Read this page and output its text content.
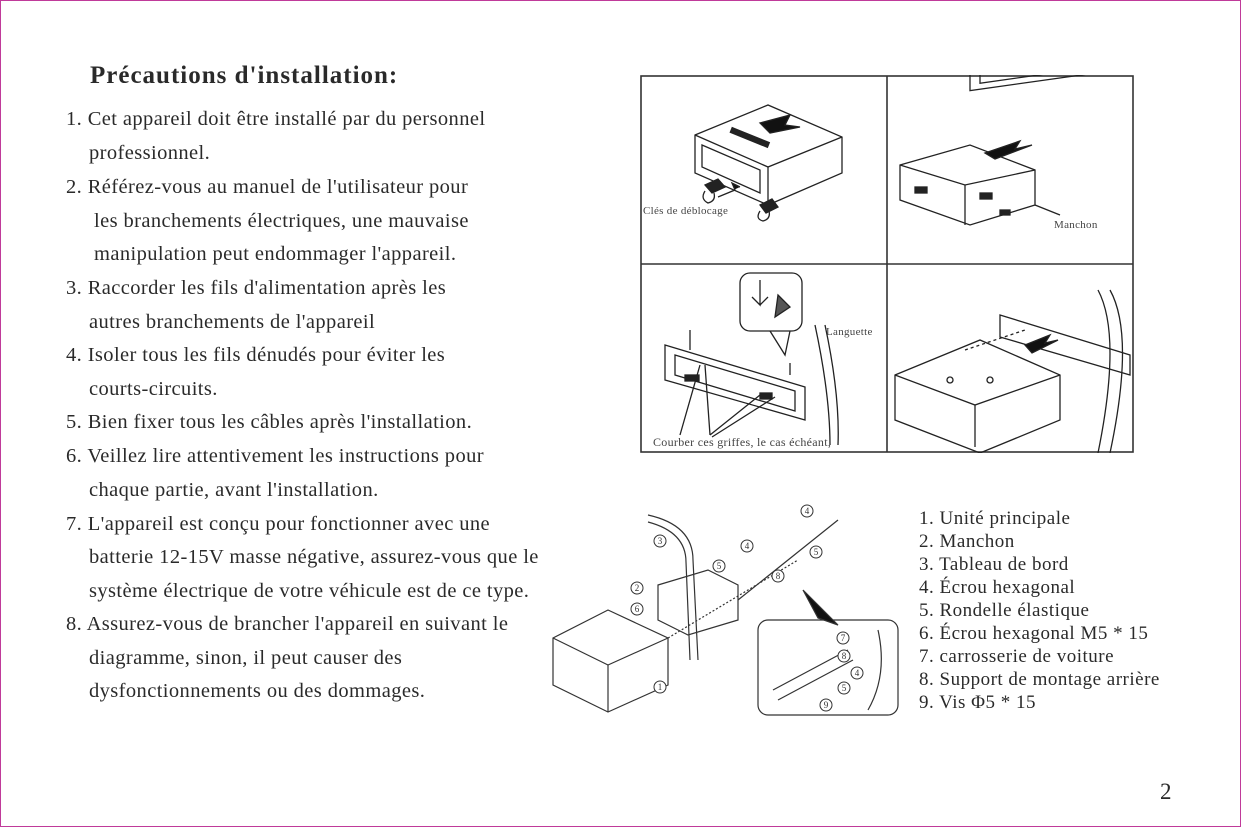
Précautions d'installation:
1. Cet appareil doit être installé par du personnel
professionnel.
2. Référez-vous au manuel de l'utilisateur pour
les branchements électriques, une mauvaise
manipulation peut endommager l'appareil.
3. Raccorder les fils d'alimentation après les
autres branchements de l'appareil
4. Isoler tous les fils dénudés pour éviter les
courts-circuits.
5. Bien fixer tous les câbles après l'installation.
6. Veillez lire attentivement les instructions pour
chaque partie, avant l'installation.
7. L'appareil est conçu pour fonctionner avec une
batterie 12-15V masse négative, assurez-vous que le
système électrique de votre véhicule est de ce type.
8. Assurez-vous de brancher l'appareil en suivant le
diagramme, sinon, il peut causer des
dysfonctionnements ou des dommages.
Clés de déblocage
Manchon
Languette
Courber ces griffes, le cas échéant,
1
2
3
4
4
5
5
8
6
7
8
4
5
9
1. Unité principale
2. Manchon
3. Tableau de bord
4. Écrou hexagonal
5. Rondelle élastique
6. Écrou hexagonal M5 * 15
7. carrosserie de voiture
8. Support de montage arrière
9. Vis Φ5 * 15
2
